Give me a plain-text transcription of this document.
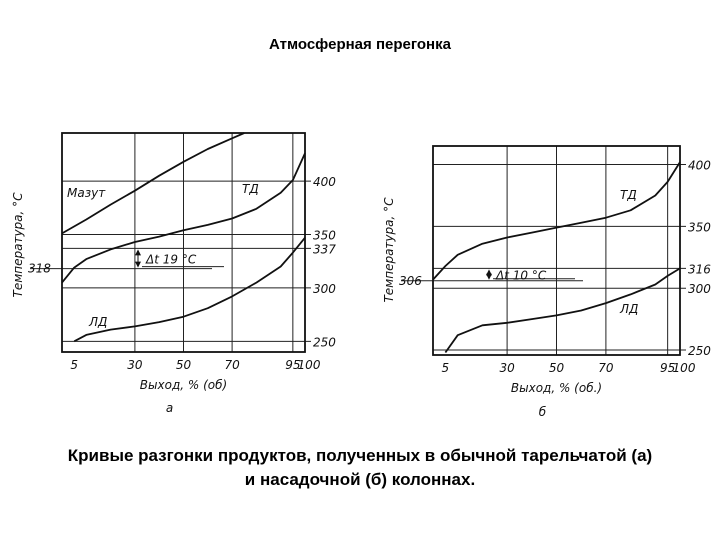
Атмосферная перегонка
Мазут	ТД
ЛД
Δt 19 °С
250
300
337
350
400
318
5	30	50	70	95
100
Выход, % (об)
Температура, °С
а
ТД
ЛД
Δt 10 °С
250
300
316
350
400
306
5	30	50	70	95
100
Выход, % (об.)
Температура, °С
б
Кривые разгонки продуктов, полученных в обычной тарельчатой (а)
и насадочной (б) колоннах.
